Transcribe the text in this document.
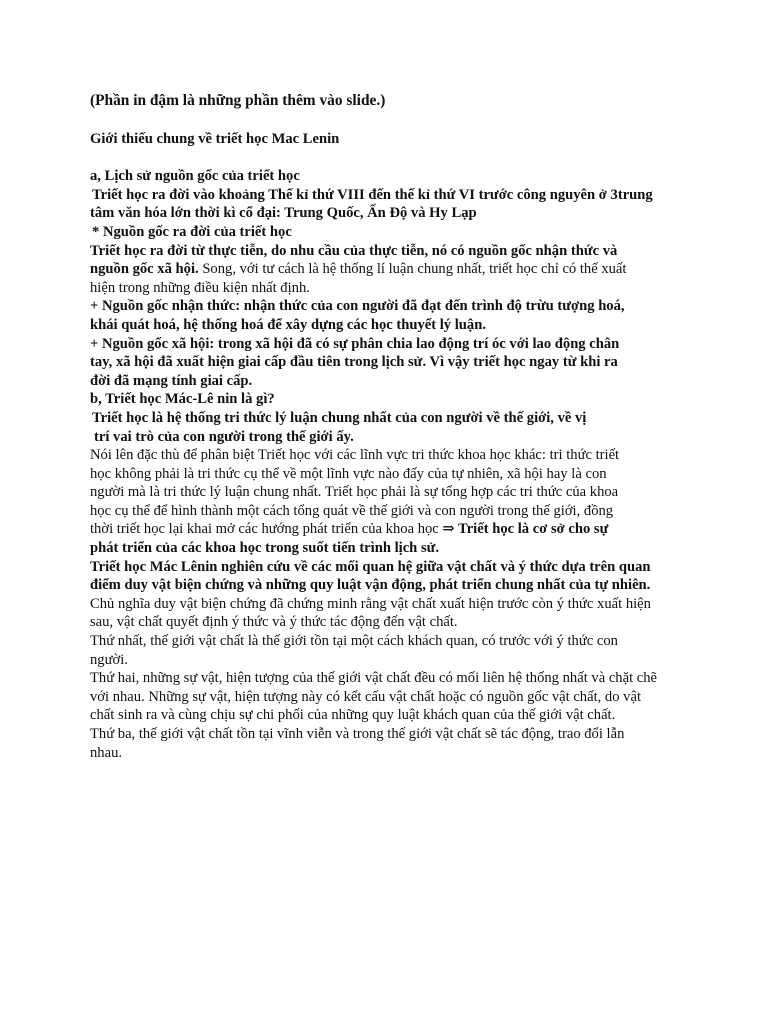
(Phần in đậm là những phần thêm vào slide.)

Giới thiếu chung về triết học Mac Lenin

a, Lịch sử nguồn gốc của triết học

Triết học ra đời vào khoảng Thế kỉ thứ VIII đến thế kỉ thứ VI trước công nguyên ở 3trung

tâm văn hóa lớn thời kì cổ đại: Trung Quốc, Ấn Độ và Hy Lạp

* Nguồn gốc ra đời của triết học

Triết học ra đời từ thực tiễn, do nhu cầu của thực tiễn, nó có nguồn gốc nhận thức và

nguồn gốc xã hội. Song, với tư cách là hệ thống lí luận chung nhất, triết học chỉ có thể xuất

hiện trong những điều kiện nhất định.

+ Nguồn gốc nhận thức: nhận thức của con người đã đạt đến trình độ trừu tượng hoá,

khái quát hoá, hệ thống hoá để xây dựng các học thuyết lý luận.

+ Nguồn gốc xã hội: trong xã hội đã có sự phân chia lao động trí óc với lao động chân

tay, xã hội đã xuất hiện giai cấp đầu tiên trong lịch sử. Vì vậy triết học ngay từ khi ra

đời đã mạng tính giai cấp.

b, Triết học Mác-Lê nin là gì?

Triết học là hệ thống tri thức lý luận chung nhất của con người về thế giới, về vị

trí vai trò của con người trong thế giới ấy.

Nói lên đặc thù để phân biệt Triết học với các lĩnh vực tri thức khoa học khác: tri thức triết

học không phải là tri thức cụ thể về một lĩnh vực nào đấy của tự nhiên, xã hội hay là con

người mà là tri thức lý luận chung nhất. Triết học phải là sự tổng hợp các tri thức của khoa

học cụ thể để hình thành một cách tổng quát về thế giới và con người trong thế giới, đồng

thời triết học lại khai mở các hướng phát triển của khoa học ⇒ Triết học là cơ sở cho sự

phát triển của các khoa học trong suốt tiến trình lịch sử.

Triết học Mác Lênin nghiên cứu về các mối quan hệ giữa vật chất và ý thức dựa trên quan

điểm duy vật biện chứng và những quy luật vận động, phát triển chung nhất của tự nhiên.

Chủ nghĩa duy vật biện chứng đã chứng minh rằng vật chất xuất hiện trước còn ý thức xuất hiện

sau, vật chất quyết định ý thức và ý thức tác động đến vật chất.

Thứ nhất, thế giới vật chất là thế giới tồn tại một cách khách quan, có trước với ý thức con

người.

Thứ hai, những sự vật, hiện tượng của thế giới vật chất đều có mối liên hệ thống nhất và chặt chẽ

với nhau. Những sự vật, hiện tượng này có kết cấu vật chất hoặc có nguồn gốc vật chất, do vật

chất sinh ra và cùng chịu sự chi phối của những quy luật khách quan của thế giới vật chất.

Thứ ba, thế giới vật chất tồn tại vĩnh viễn và trong thế giới vật chất sẽ tác động, trao đổi lẫn

nhau.
